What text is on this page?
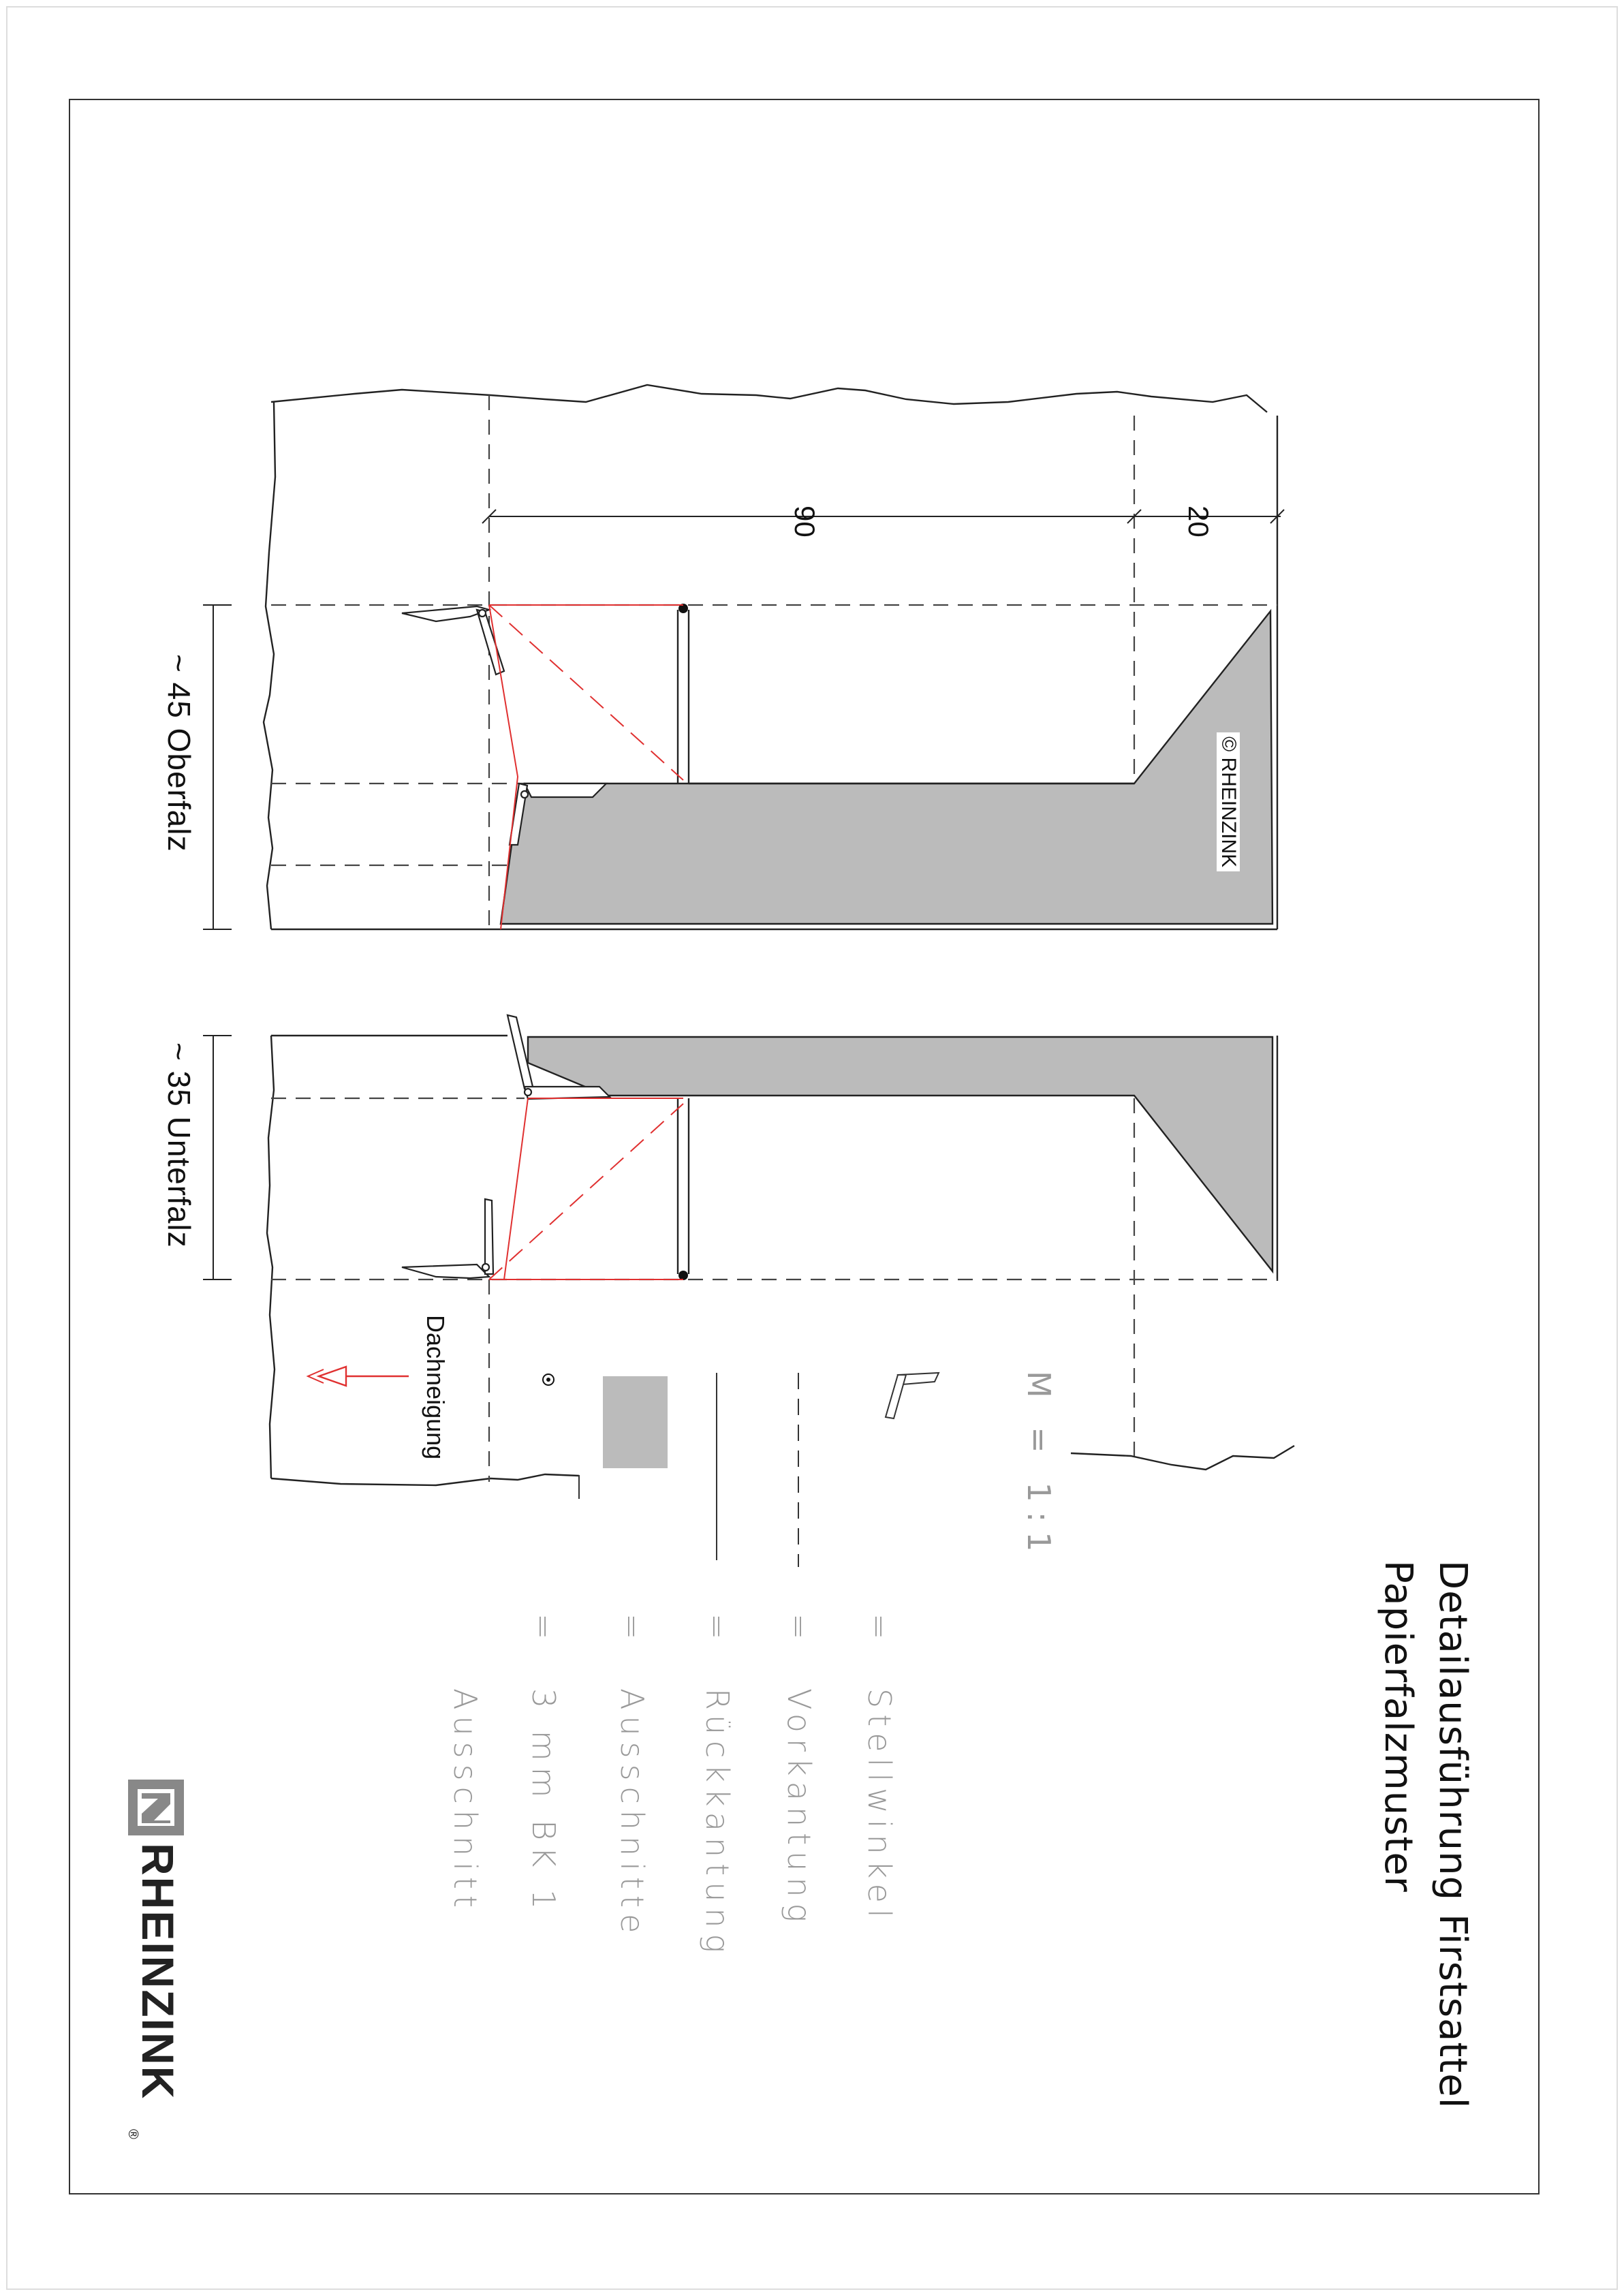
Detailausführung Firstsattel
Papierfalzmuster
M = 1:1
=
Stellwinkel
=
Vorkantung
=
Rückkantung
=
Ausschnitte
=
3 mm BK 1
Ausschnitt
90	20
~ 45 Oberfalz
~ 35 Unterfalz
Dachneigung
© RHEINZINK
RHEINZINK
®
